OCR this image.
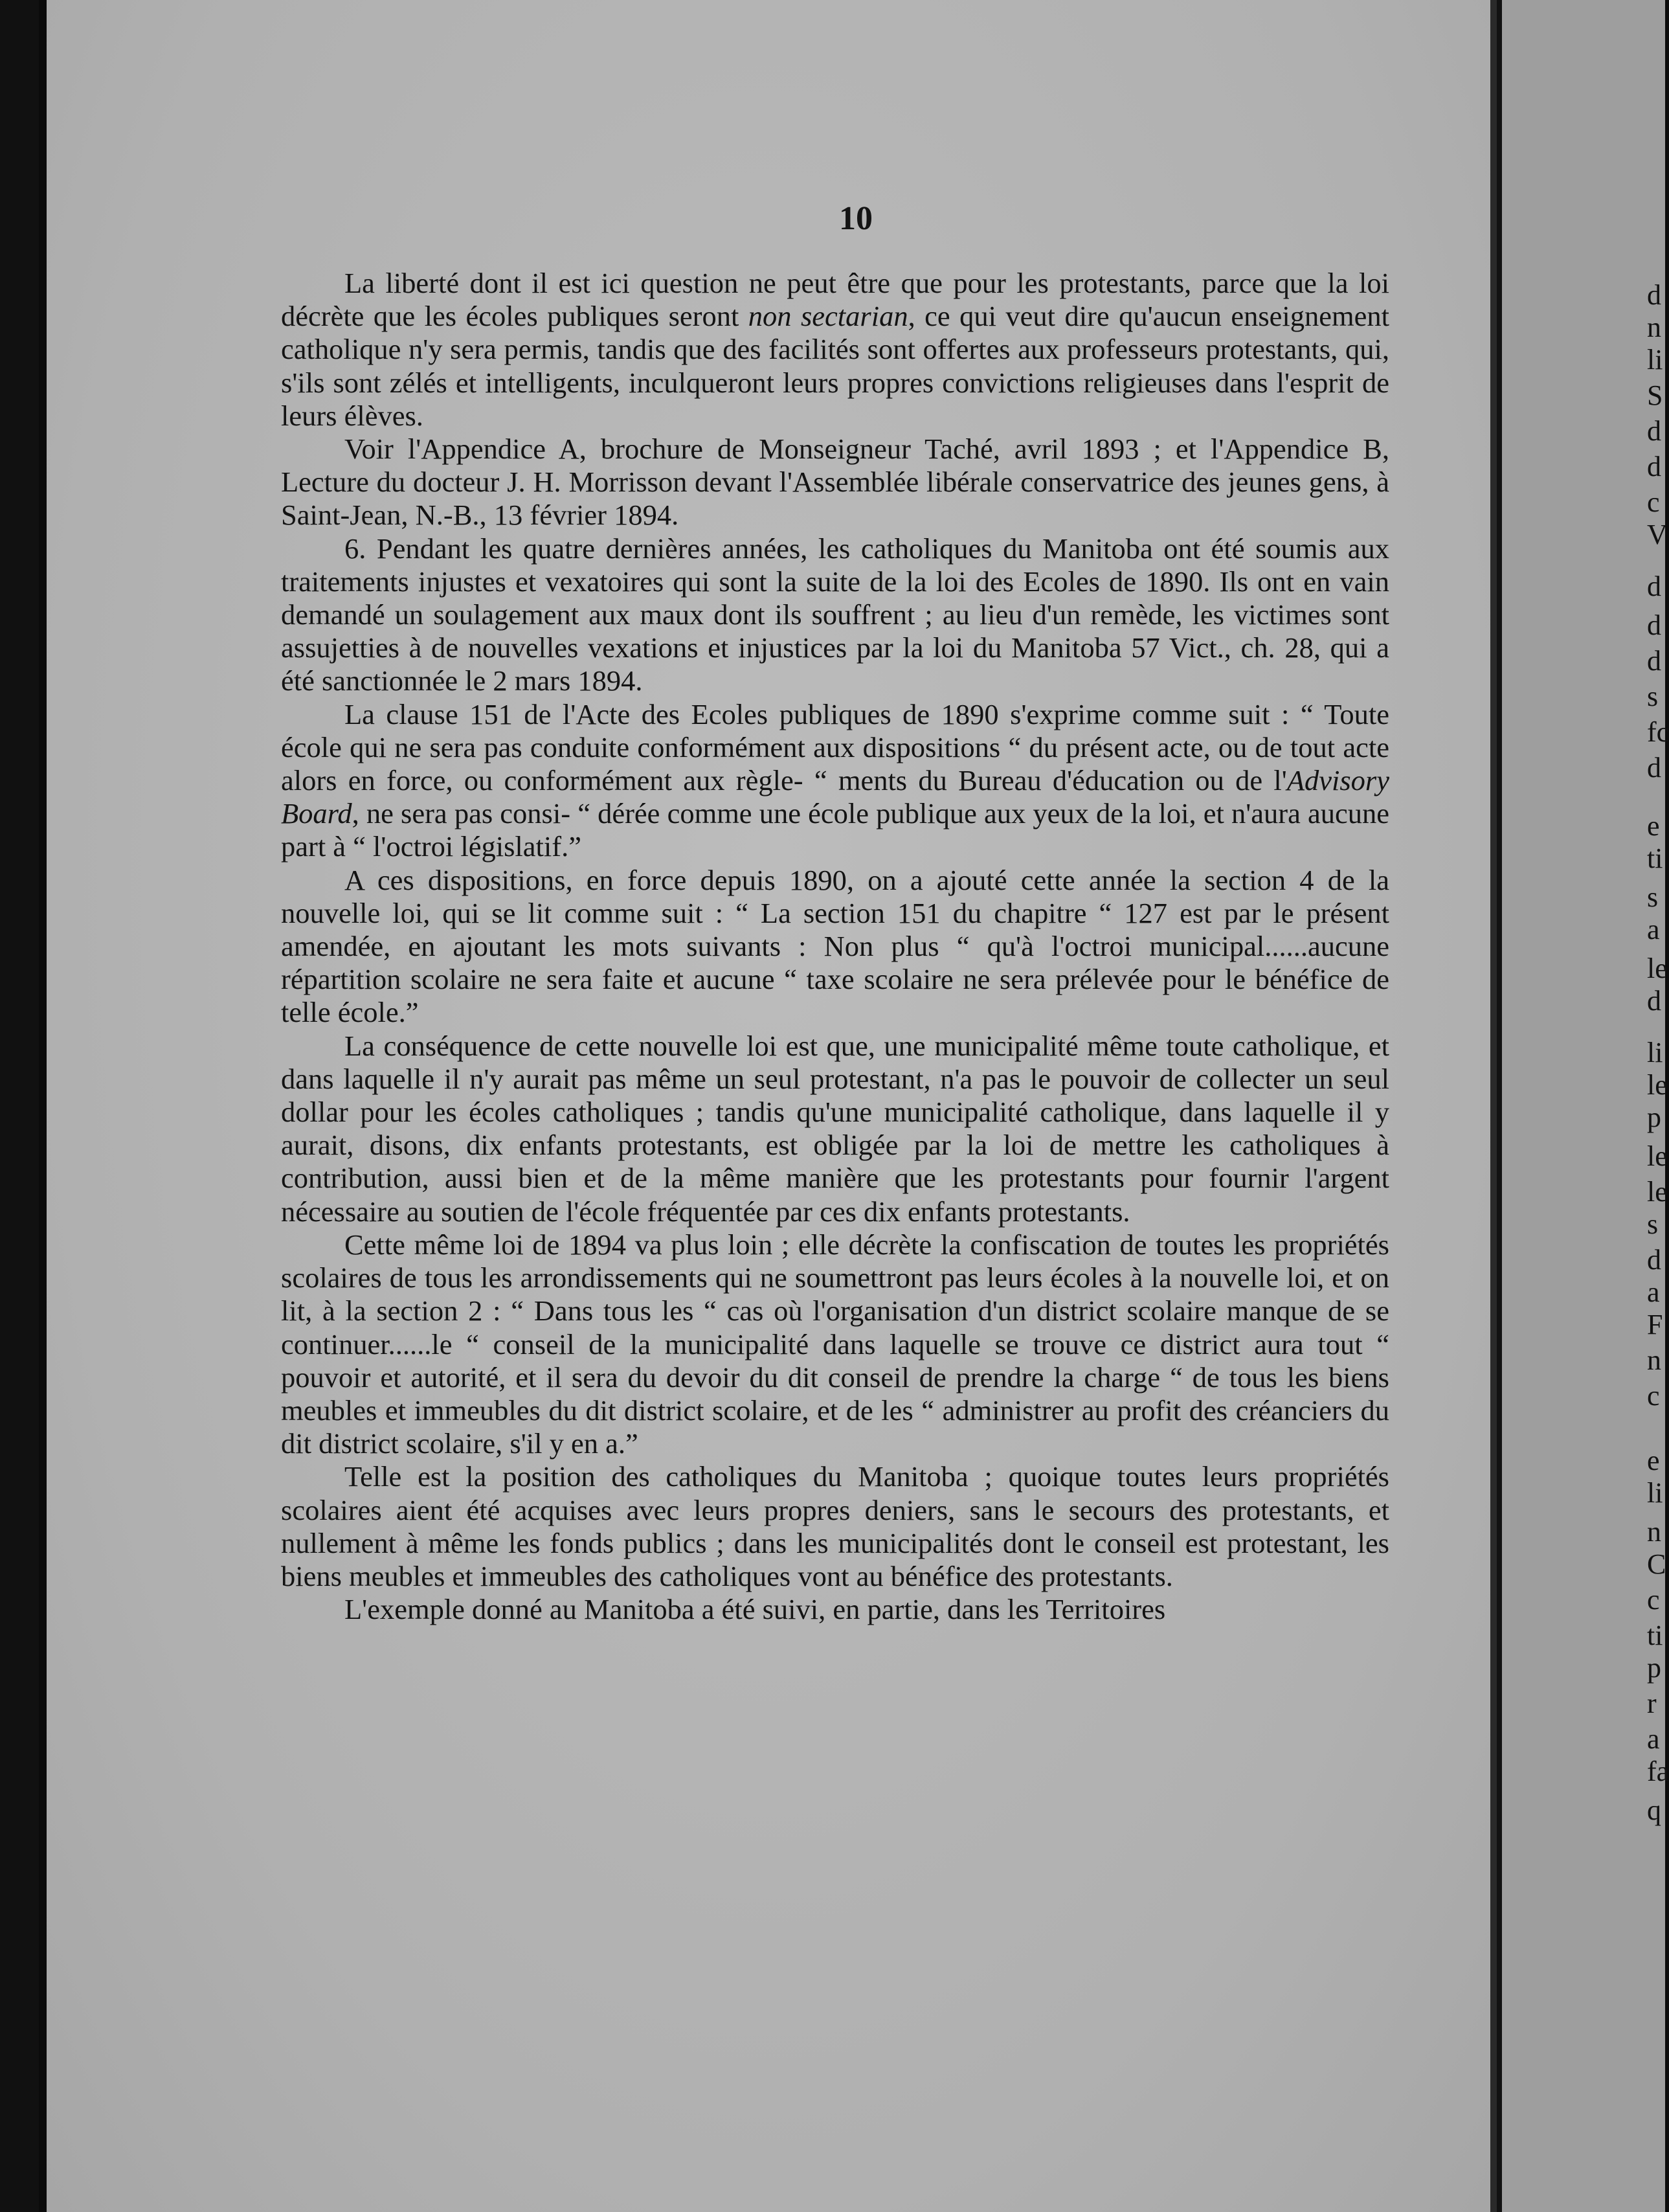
10

La liberté dont il est ici question ne peut être que pour les protestants, parce que la loi décrète que les écoles publiques seront non sectarian, ce qui veut dire qu'aucun enseignement catholique n'y sera permis, tandis que des facilités sont offertes aux professeurs protestants, qui, s'ils sont zélés et intelligents, inculqueront leurs propres convictions religieuses dans l'esprit de leurs élèves.

Voir l'Appendice A, brochure de Monseigneur Taché, avril 1893 ; et l'Appendice B, Lecture du docteur J. H. Morrisson devant l'Assemblée libérale conservatrice des jeunes gens, à Saint-Jean, N.-B., 13 février 1894.

6. Pendant les quatre dernières années, les catholiques du Manitoba ont été soumis aux traitements injustes et vexatoires qui sont la suite de la loi des Ecoles de 1890. Ils ont en vain demandé un soulagement aux maux dont ils souffrent ; au lieu d'un remède, les victimes sont assujetties à de nouvelles vexations et injustices par la loi du Manitoba 57 Vict., ch. 28, qui a été sanctionnée le 2 mars 1894.

La clause 151 de l'Acte des Ecoles publiques de 1890 s'exprime comme suit : “ Toute école qui ne sera pas conduite conformément aux dispositions “ du présent acte, ou de tout acte alors en force, ou conformément aux règle- “ ments du Bureau d'éducation ou de l'Advisory Board, ne sera pas consi- “ dérée comme une école publique aux yeux de la loi, et n'aura aucune part à “ l'octroi législatif.”

A ces dispositions, en force depuis 1890, on a ajouté cette année la section 4 de la nouvelle loi, qui se lit comme suit : “ La section 151 du chapitre “ 127 est par le présent amendée, en ajoutant les mots suivants : Non plus “ qu'à l'octroi municipal......aucune répartition scolaire ne sera faite et aucune “ taxe scolaire ne sera prélevée pour le bénéfice de telle école.”

La conséquence de cette nouvelle loi est que, une municipalité même toute catholique, et dans laquelle il n'y aurait pas même un seul protestant, n'a pas le pouvoir de collecter un seul dollar pour les écoles catholiques ; tandis qu'une municipalité catholique, dans laquelle il y aurait, disons, dix enfants protestants, est obligée par la loi de mettre les catholiques à contribution, aussi bien et de la même manière que les protestants pour fournir l'argent nécessaire au soutien de l'école fréquentée par ces dix enfants protestants.

Cette même loi de 1894 va plus loin ; elle décrète la confiscation de toutes les propriétés scolaires de tous les arrondissements qui ne soumettront pas leurs écoles à la nouvelle loi, et on lit, à la section 2 : “ Dans tous les “ cas où l'organisation d'un district scolaire manque de se continuer......le “ conseil de la municipalité dans laquelle se trouve ce district aura tout “ pouvoir et autorité, et il sera du devoir du dit conseil de prendre la charge “ de tous les biens meubles et immeubles du dit district scolaire, et de les “ administrer au profit des créanciers du dit district scolaire, s'il y en a.”

Telle est la position des catholiques du Manitoba ; quoique toutes leurs propriétés scolaires aient été acquises avec leurs propres deniers, sans le secours des protestants, et nullement à même les fonds publics ; dans les municipalités dont le conseil est protestant, les biens meubles et immeubles des catholiques vont au bénéfice des protestants.

L'exemple donné au Manitoba a été suivi, en partie, dans les Territoires

d
n
li
S
d
d
c
V
d
d
d
s
fc
d
e
ti
s
a
le
d
li
le
p
le
le
s
d
a
F
n
c
e
li
n
C
c
ti
p
r
a
fa
q
